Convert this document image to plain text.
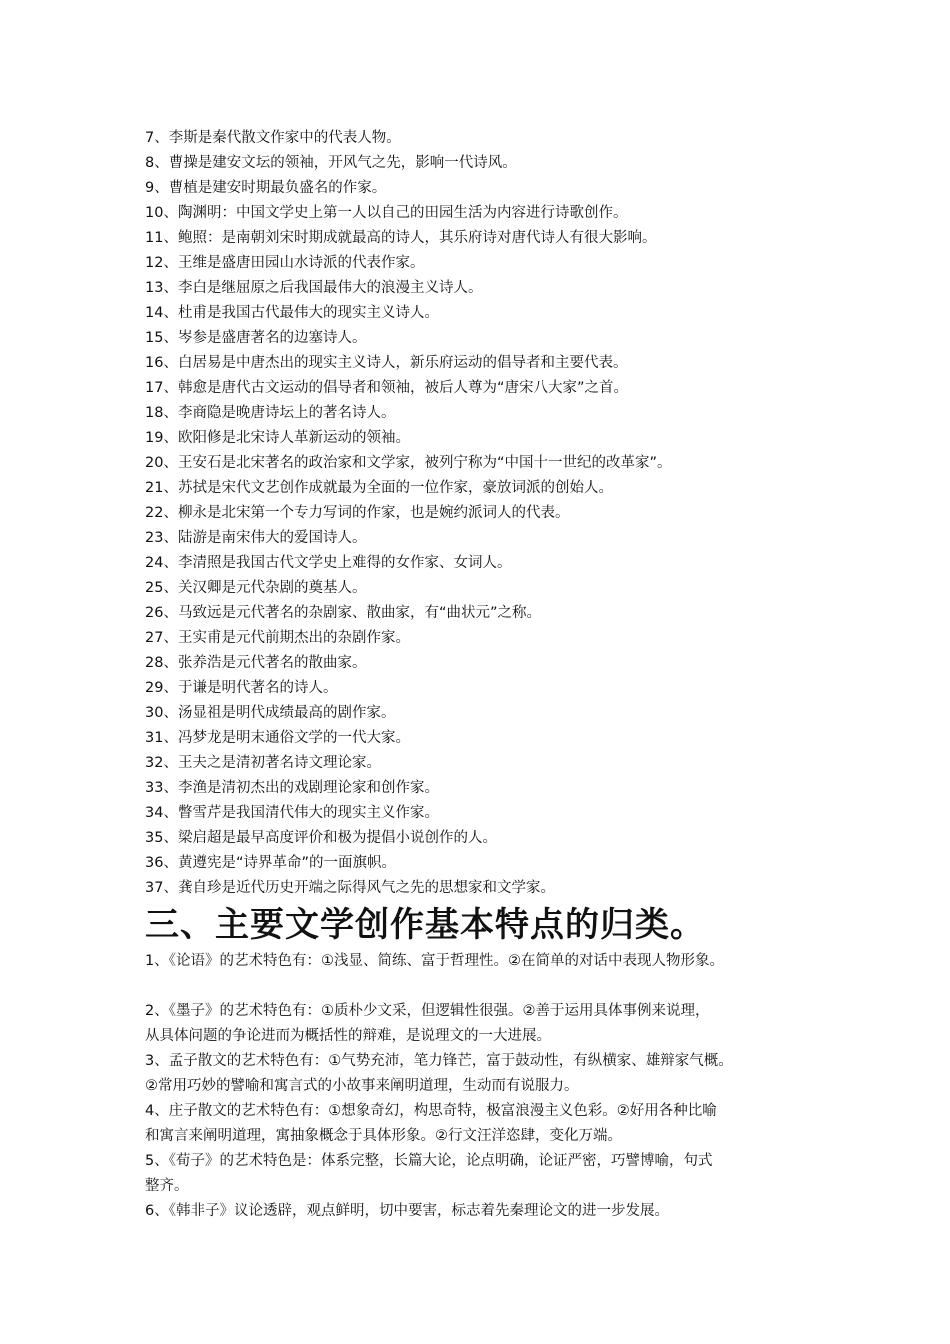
7、李斯是秦代散文作家中的代表人物。
8、曹操是建安文坛的领袖，开风气之先，影响一代诗风。
9、曹植是建安时期最负盛名的作家。
10、陶渊明：中国文学史上第一人以自己的田园生活为内容进行诗歌创作。
11、鲍照：是南朝刘宋时期成就最高的诗人，其乐府诗对唐代诗人有很大影响。
12、王维是盛唐田园山水诗派的代表作家。
13、李白是继屈原之后我国最伟大的浪漫主义诗人。
14、杜甫是我国古代最伟大的现实主义诗人。
15、岑参是盛唐著名的边塞诗人。
16、白居易是中唐杰出的现实主义诗人，新乐府运动的倡导者和主要代表。
17、韩愈是唐代古文运动的倡导者和领袖，被后人尊为“唐宋八大家”之首。
18、李商隐是晚唐诗坛上的著名诗人。
19、欧阳修是北宋诗人革新运动的领袖。
20、王安石是北宋著名的政治家和文学家，被列宁称为“中国十一世纪的改革家”。
21、苏拭是宋代文艺创作成就最为全面的一位作家，豪放词派的创始人。
22、柳永是北宋第一个专力写词的作家，也是婉约派词人的代表。
23、陆游是南宋伟大的爱国诗人。
24、李清照是我国古代文学史上难得的女作家、女词人。
25、关汉卿是元代杂剧的奠基人。
26、马致远是元代著名的杂剧家、散曲家，有“曲状元”之称。
27、王实甫是元代前期杰出的杂剧作家。
28、张养浩是元代著名的散曲家。
29、于谦是明代著名的诗人。
30、汤显祖是明代成绩最高的剧作家。
31、冯梦龙是明末通俗文学的一代大家。
32、王夫之是清初著名诗文理论家。
33、李渔是清初杰出的戏剧理论家和创作家。
34、瞥雪芹是我国清代伟大的现实主义作家。
35、梁启超是最早高度评价和极为提倡小说创作的人。
36、黄遵宪是“诗界革命”的一面旗帜。
37、龚自珍是近代历史开端之际得风气之先的思想家和文学家。
三、主要文学创作基本特点的归类。
1、《论语》的艺术特色有：①浅显、简练、富于哲理性。②在简单的对话中表现人物形象。
2、《墨子》的艺术特色有：①质朴少文采，但逻辑性很强。②善于运用具体事例来说理，
从具体问题的争论进而为概括性的辩难，是说理文的一大进展。
3、孟子散文的艺术特色有：①气势充沛，笔力锋芒，富于鼓动性，有纵横家、雄辩家气概。
②常用巧妙的譬喻和寓言式的小故事来阐明道理，生动而有说服力。
4、庄子散文的艺术特色有：①想象奇幻，构思奇特，极富浪漫主义色彩。②好用各种比喻
和寓言来阐明道理，寓抽象概念于具体形象。②行文汪洋恣肆，变化万端。
5、《荀子》的艺术特色是：体系完整，长篇大论，论点明确，论证严密，巧譬博喻，句式
整齐。
6、《韩非子》议论透辟，观点鲜明，切中要害，标志着先秦理论文的进一步发展。
